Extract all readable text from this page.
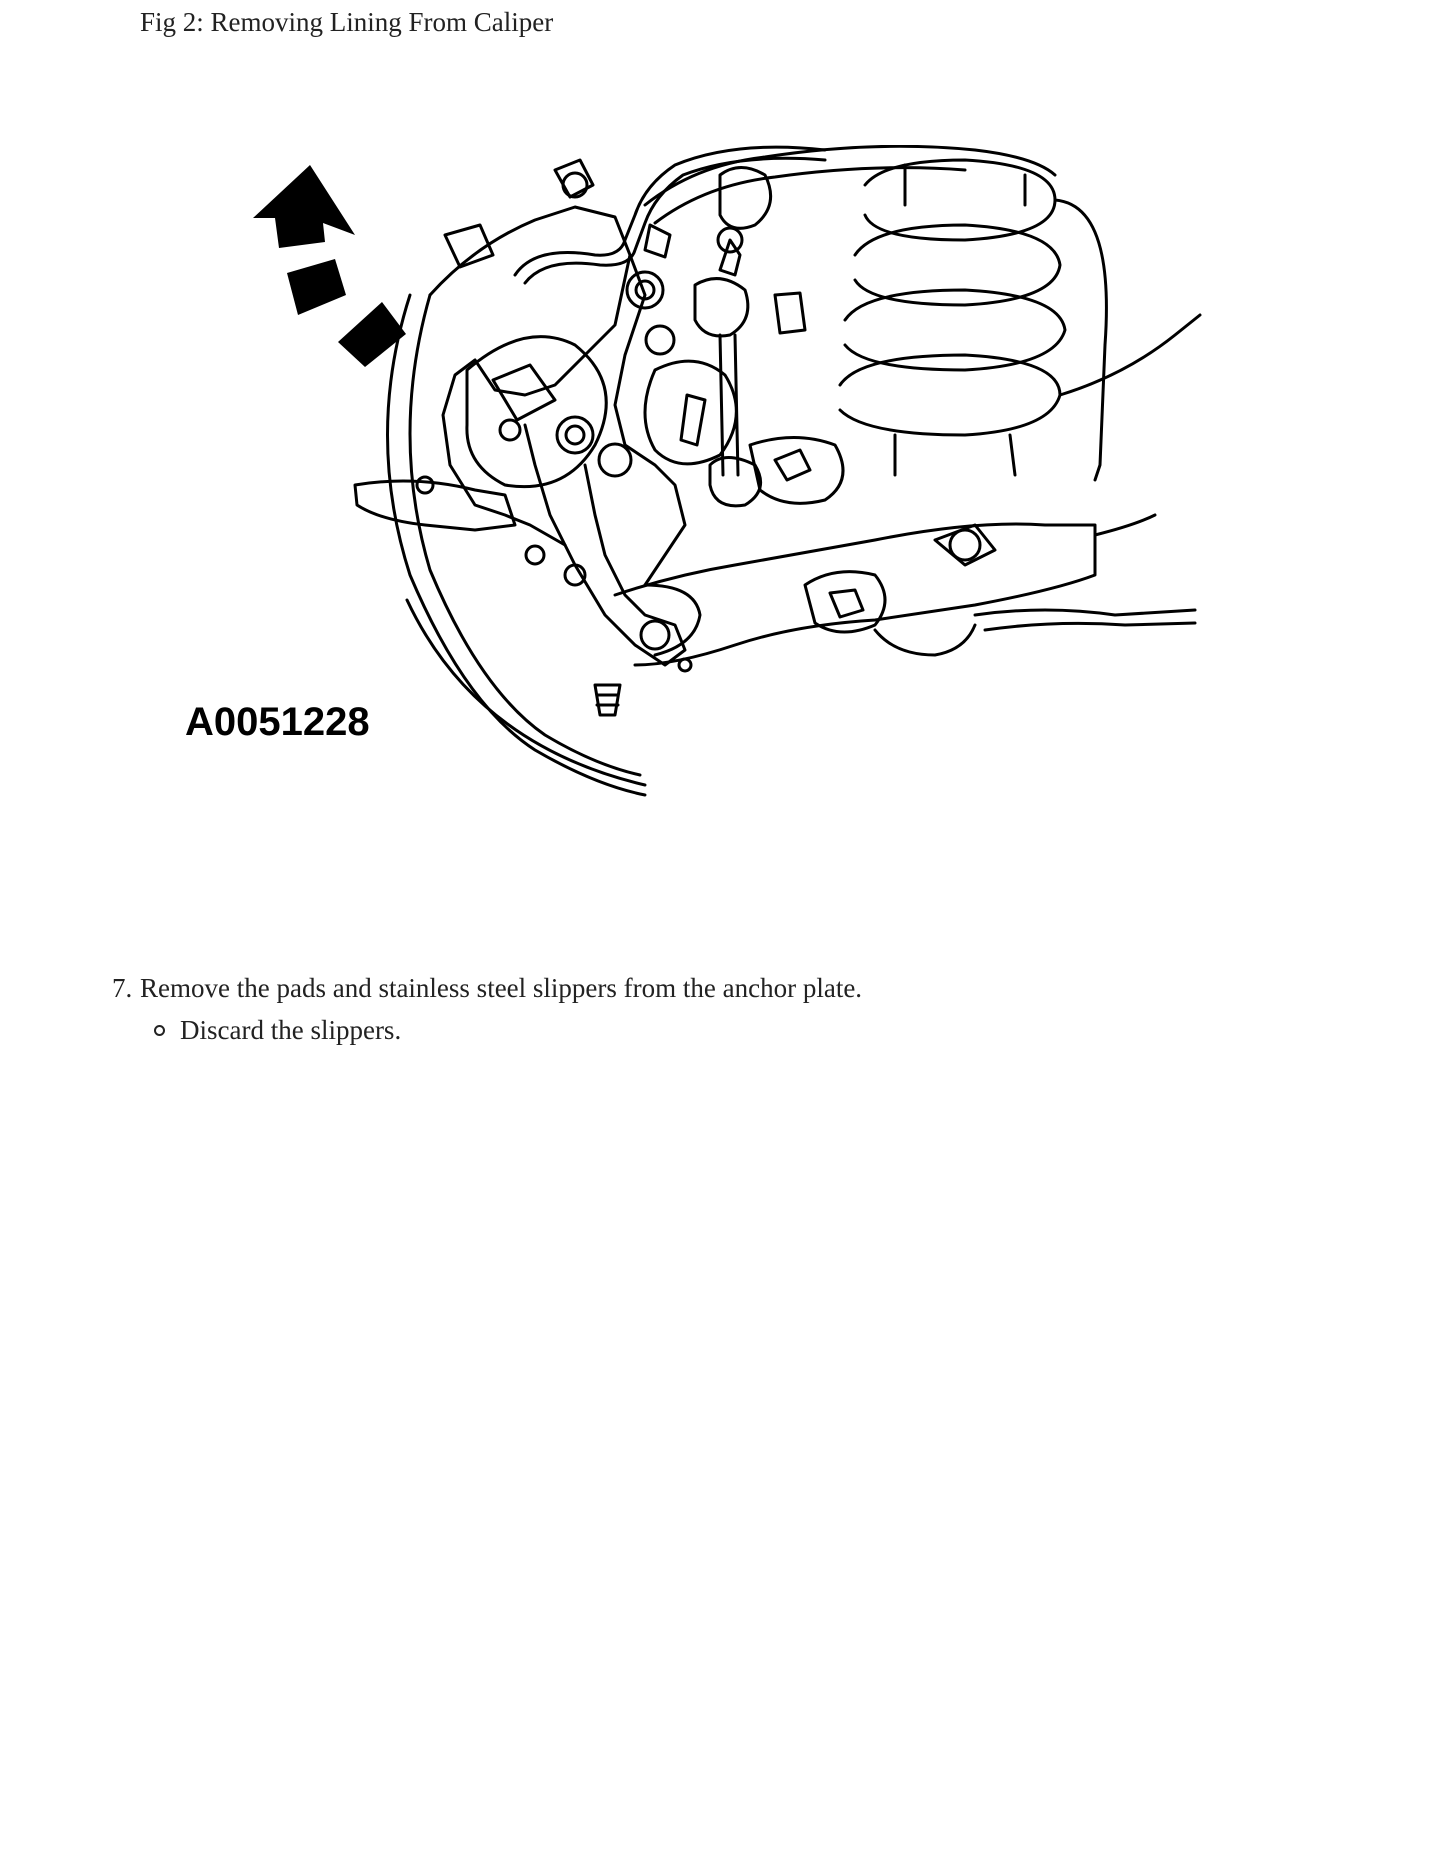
Fig 2: Removing Lining From Caliper
A0051228
7. Remove the pads and stainless steel slippers from the anchor plate.
Discard the slippers.
